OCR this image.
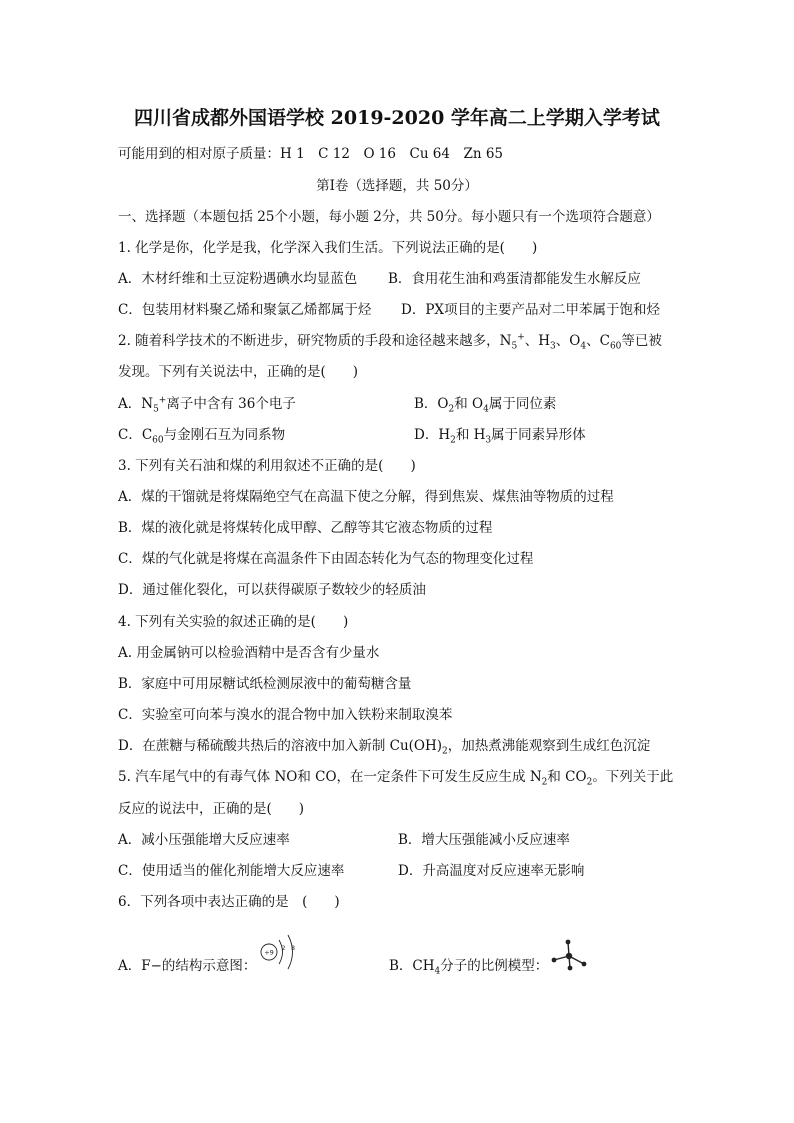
四川省成都外国语学校 2019-2020 学年高二上学期入学考试
可能用到的相对原子质量：H 1　C 12　O 16　Cu 64　Zn 65
第Ⅰ卷（选择题，共 50分）
一、选择题（本题包括 25个小题，每小题 2分，共 50分。每小题只有一个选项符合题意）
1. 化学是你，化学是我，化学深入我们生活。下列说法正确的是(　　)
A．木材纤维和土豆淀粉遇碘水均显蓝色 B．食用花生油和鸡蛋清都能发生水解反应
C．包装用材料聚乙烯和聚氯乙烯都属于烃 D．PX项目的主要产品对二甲苯属于饱和烃
2. 随着科学技术的不断进步，研究物质的手段和途径越来越多，$N_5^+$、$H_3$、$O_4$、$C_{60}$等已被
发现。下列有关说法中，正确的是(　　)
A．$N_5^+$离子中含有 36个电子	B．$O_2$和 $O_4$属于同位素
C．$C_{60}$与金刚石互为同系物	D．$H_2$和 $H_3$属于同素异形体
3. 下列有关石油和煤的利用叙述不正确的是(　　)
A．煤的干馏就是将煤隔绝空气在高温下使之分解，得到焦炭、煤焦油等物质的过程
B．煤的液化就是将煤转化成甲醇、乙醇等其它液态物质的过程
C．煤的气化就是将煤在高温条件下由固态转化为气态的物理变化过程
D．通过催化裂化，可以获得碳原子数较少的轻质油
4. 下列有关实验的叙述正确的是(　　)
A. 用金属钠可以检验酒精中是否含有少量水
B．家庭中可用尿糖试纸检测尿液中的葡萄糖含量
C．实验室可向苯与溴水的混合物中加入铁粉来制取溴苯
D．在蔗糖与稀硫酸共热后的溶液中加入新制 $Cu(OH)_2$，加热煮沸能观察到生成红色沉淀
5. 汽车尾气中的有毒气体 NO和 CO，在一定条件下可发生反应生成 $N_2$和 $CO_2$。下列关于此
反应的说法中，正确的是(　　)
A．减小压强能增大反应速率	B．增大压强能减小反应速率
C．使用适当的催化剂能增大反应速率	D．升高温度对反应速率无影响
6．下列各项中表达正确的是　(　　)
A．F−的结构示意图：
+9 2 8
B．$CH_4$分子的比例模型：
